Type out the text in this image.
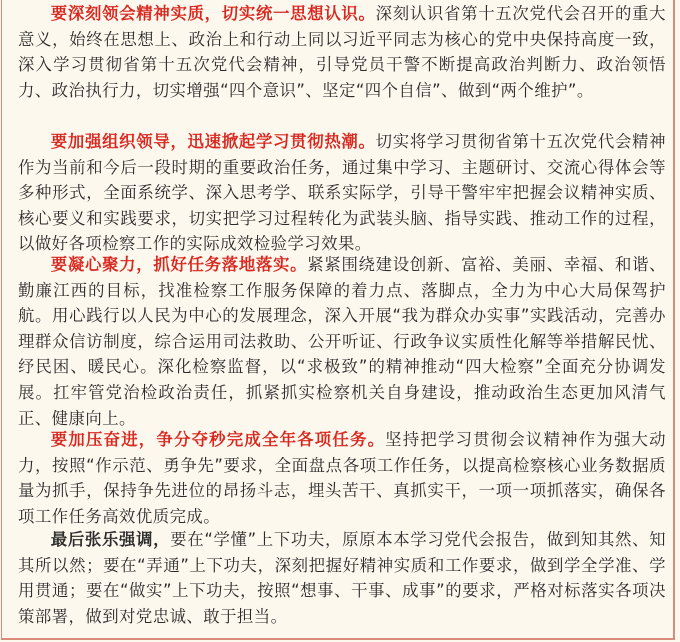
要深刻领会精神实质，切实统一思想认识。深刻认识省第十五次党代会召开的重大意义，始终在思想上、政治上和行动上同以习近平同志为核心的党中央保持高度一致，深入学习贯彻省第十五次党代会精神，引导党员干警不断提高政治判断力、政治领悟力、政治执行力，切实增强“四个意识”、坚定“四个自信”、做到“两个维护”。

要加强组织领导，迅速掀起学习贯彻热潮。切实将学习贯彻省第十五次党代会精神作为当前和今后一段时期的重要政治任务，通过集中学习、主题研讨、交流心得体会等多种形式，全面系统学、深入思考学、联系实际学，引导干警牢牢把握会议精神实质、核心要义和实践要求，切实把学习过程转化为武装头脑、指导实践、推动工作的过程，以做好各项检察工作的实际成效检验学习效果。

要凝心聚力，抓好任务落地落实。紧紧围绕建设创新、富裕、美丽、幸福、和谐、勤廉江西的目标，找准检察工作服务保障的着力点、落脚点，全力为中心大局保驾护航。用心践行以人民为中心的发展理念，深入开展“我为群众办实事”实践活动，完善办理群众信访制度，综合运用司法救助、公开听证、行政争议实质性化解等举措解民忧、纾民困、暖民心。深化检察监督，以“求极致”的精神推动“四大检察”全面充分协调发展。扛牢管党治检政治责任，抓紧抓实检察机关自身建设，推动政治生态更加风清气正、健康向上。

要加压奋进，争分夺秒完成全年各项任务。坚持把学习贯彻会议精神作为强大动力，按照“作示范、勇争先”要求，全面盘点各项工作任务，以提高检察核心业务数据质量为抓手，保持争先进位的昂扬斗志，埋头苦干、真抓实干，一项一项抓落实，确保各项工作任务高效优质完成。

最后张乐强调，要在“学懂”上下功夫，原原本本学习党代会报告，做到知其然、知其所以然；要在“弄通”上下功夫，深刻把握好精神实质和工作要求，做到学全学准、学用贯通；要在“做实”上下功夫，按照“想事、干事、成事”的要求，严格对标落实各项决策部署，做到对党忠诚、敢于担当。
